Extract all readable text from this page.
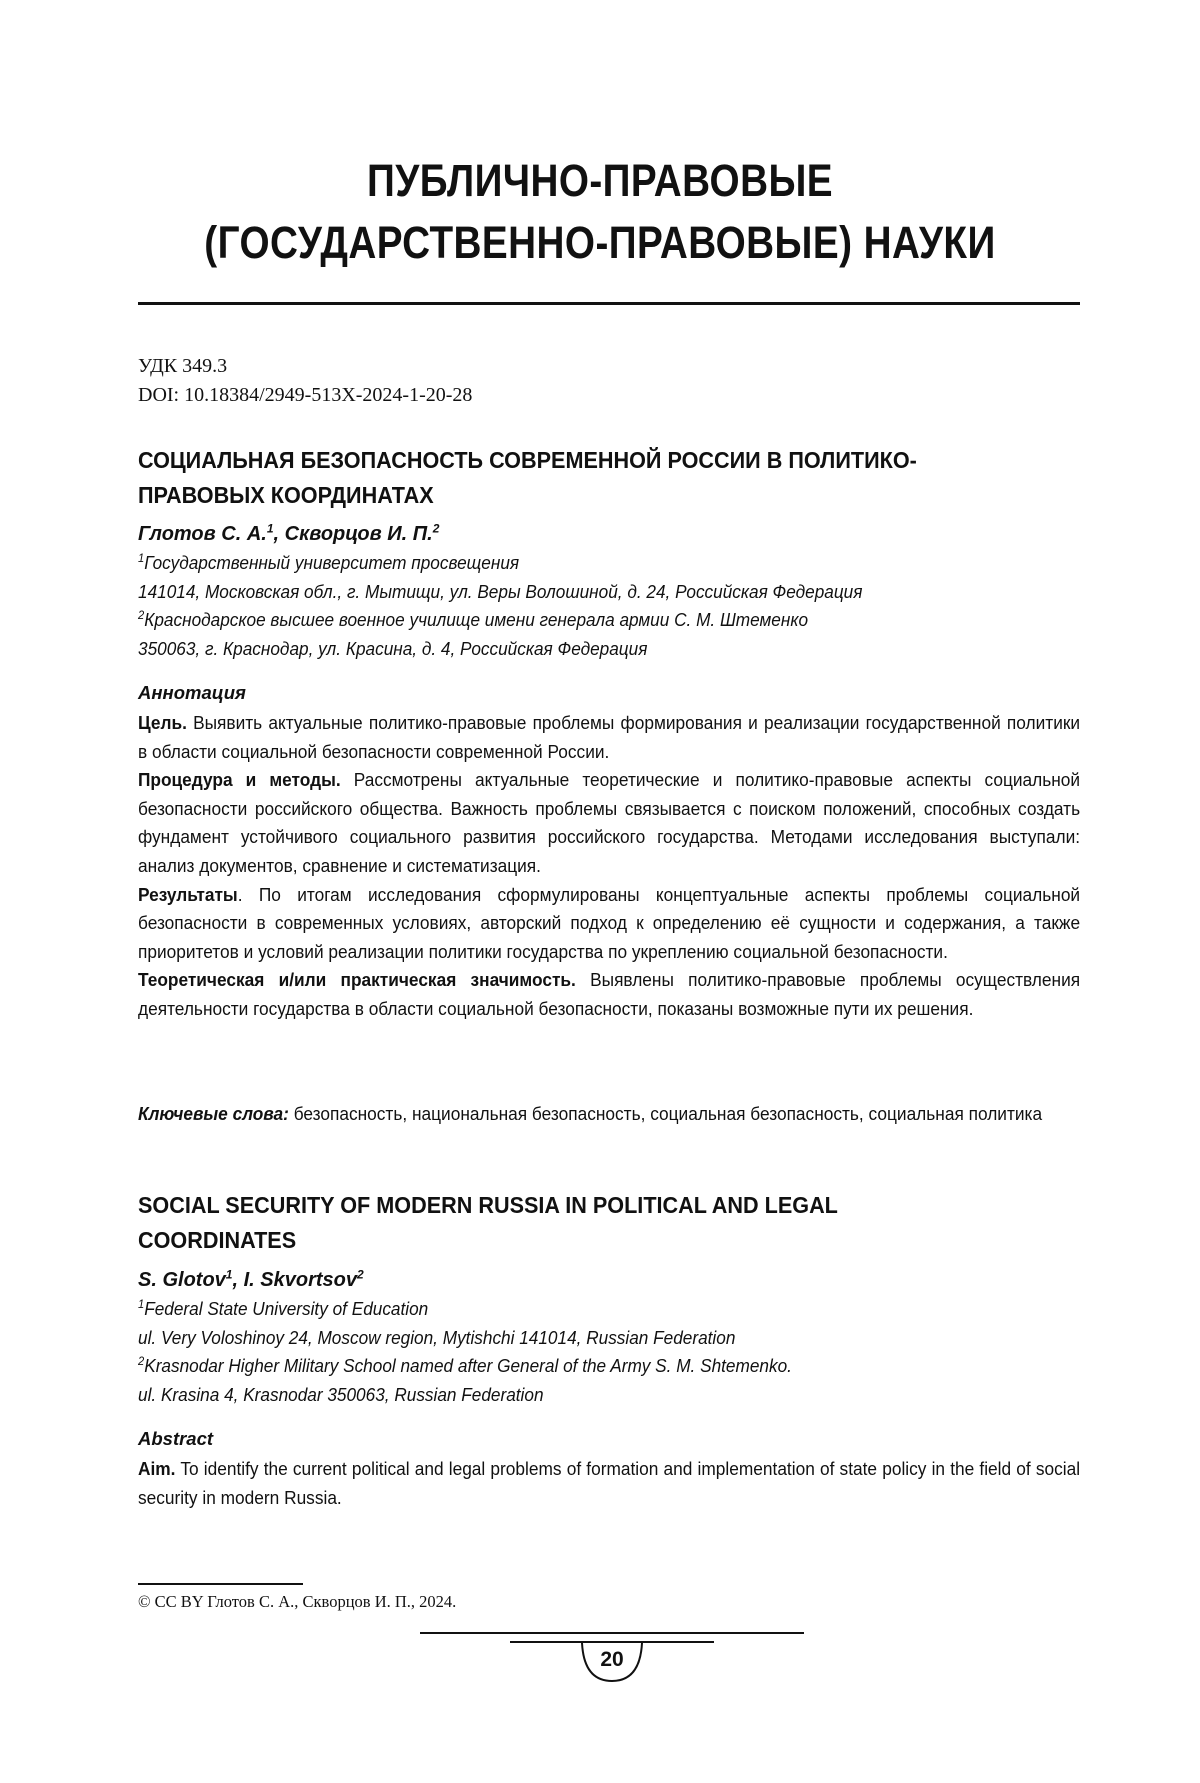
ПУБЛИЧНО-ПРАВОВЫЕ
(ГОСУДАРСТВЕННО-ПРАВОВЫЕ) НАУКИ
УДК 349.3
DOI: 10.18384/2949-513X-2024-1-20-28
СОЦИАЛЬНАЯ БЕЗОПАСНОСТЬ СОВРЕМЕННОЙ РОССИИ В ПОЛИТИКО-
ПРАВОВЫХ КООРДИНАТАХ
Глотов С. А.$^1$, Скворцов И. П.$^2$
$^1$Государственный университет просвещения
141014, Московская обл., г. Мытищи, ул. Веры Волошиной, д. 24, Российская Федерация
$^2$Краснодарское высшее военное училище имени генерала армии С. М. Штеменко
350063, г. Краснодар, ул. Красина, д. 4, Российская Федерация
Аннотация

Цель. Выявить актуальные политико-правовые проблемы формирования и реализации государственной политики в области социальной безопасности современной России.

Процедура и методы. Рассмотрены актуальные теоретические и политико-правовые аспекты социальной безопасности российского общества. Важность проблемы связывается с поиском положений, способных создать фундамент устойчивого социального развития российского государства. Методами исследования выступали: анализ документов, сравнение и систематизация.

Результаты. По итогам исследования сформулированы концептуальные аспекты проблемы социальной безопасности в современных условиях, авторский подход к определению её сущности и содержания, а также приоритетов и условий реализации политики государства по укреплению социальной безопасности.

Теоретическая и/или практическая значимость. Выявлены политико-правовые проблемы осуществления деятельности государства в области социальной безопасности, показаны возможные пути их решения.

Ключевые слова: безопасность, национальная безопасность, социальная безопасность, социальная политика

SOCIAL SECURITY OF MODERN RUSSIA IN POLITICAL AND LEGAL
COORDINATES
S. Glotov$^1$, I. Skvortsov$^2$
$^1$Federal State University of Education
ul. Very Voloshinoy 24, Moscow region, Mytishchi 141014, Russian Federation
$^2$Krasnodar Higher Military School named after General of the Army S. M. Shtemenko.
ul. Krasina 4, Krasnodar 350063, Russian Federation
Abstract

Aim. To identify the current political and legal problems of formation and implementation of state policy in the field of social security in modern Russia.

© CC BY Глотов С. А., Скворцов И. П., 2024.
20
